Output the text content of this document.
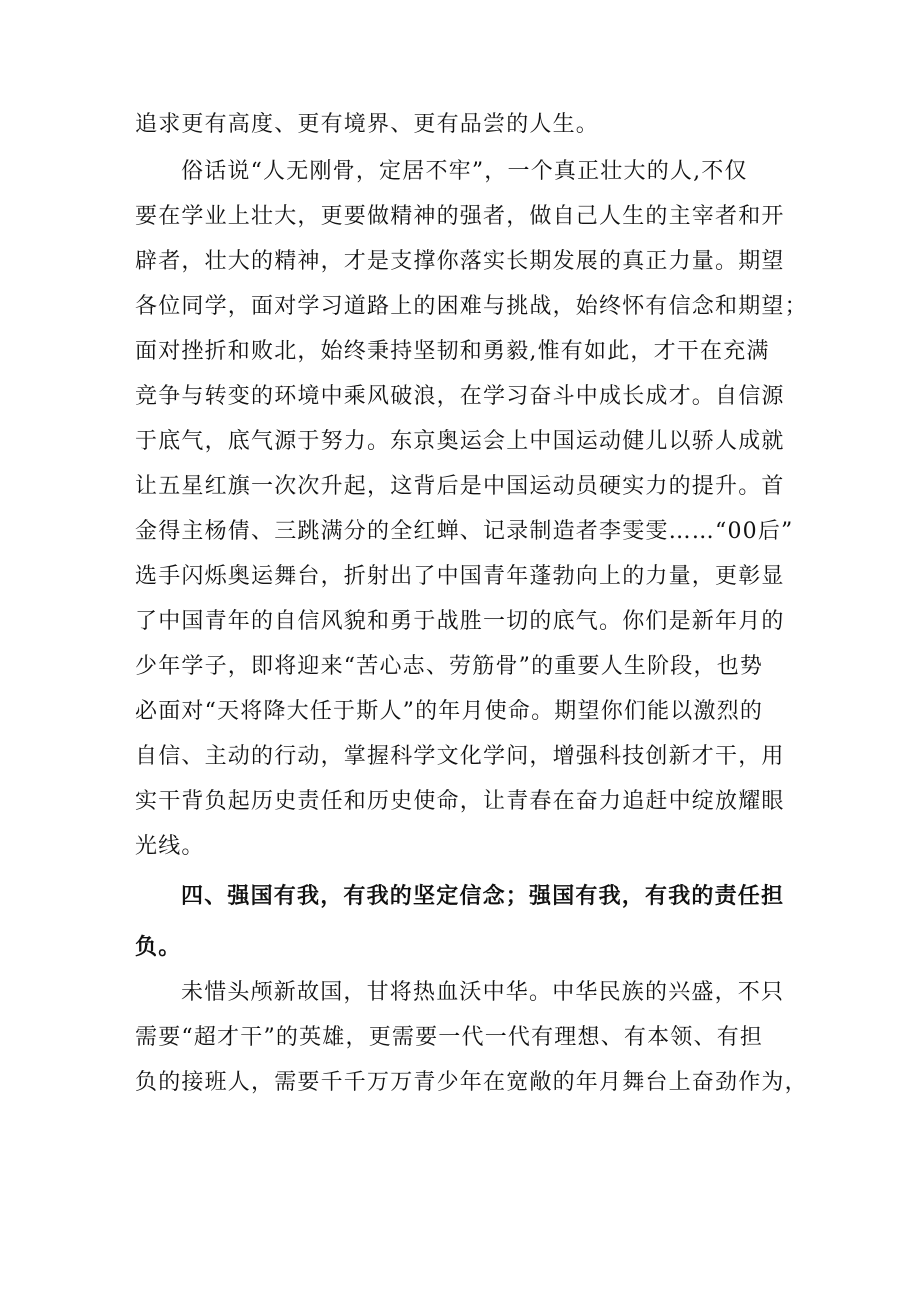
追求更有高度、更有境界、更有品尝的人生。
俗话说“人无刚骨，定居不牢”，一个真正壮大的人,不仅
要在学业上壮大，更要做精神的强者，做自己人生的主宰者和开
辟者，壮大的精神，才是支撑你落实长期发展的真正力量。期望
各位同学，面对学习道路上的困难与挑战，始终怀有信念和期望；
面对挫折和败北，始终秉持坚韧和勇毅,惟有如此，才干在充满
竞争与转变的环境中乘风破浪，在学习奋斗中成长成才。自信源
于底气，底气源于努力。东京奥运会上中国运动健儿以骄人成就
让五星红旗一次次升起，这背后是中国运动员硬实力的提升。首
金得主杨倩、三跳满分的全红蝉、记录制造者李雯雯……“00后”
选手闪烁奥运舞台，折射出了中国青年蓬勃向上的力量，更彰显
了中国青年的自信风貌和勇于战胜一切的底气。你们是新年月的
少年学子，即将迎来“苦心志、劳筋骨”的重要人生阶段，也势
必面对“天将降大任于斯人”的年月使命。期望你们能以激烈的
自信、主动的行动，掌握科学文化学问，增强科技创新才干，用
实干背负起历史责任和历史使命，让青春在奋力追赶中绽放耀眼
光线。
四、强国有我，有我的坚定信念；强国有我，有我的责任担
负。
未惜头颅新故国，甘将热血沃中华。中华民族的兴盛，不只
需要“超才干”的英雄，更需要一代一代有理想、有本领、有担
负的接班人，需要千千万万青少年在宽敞的年月舞台上奋劲作为，
